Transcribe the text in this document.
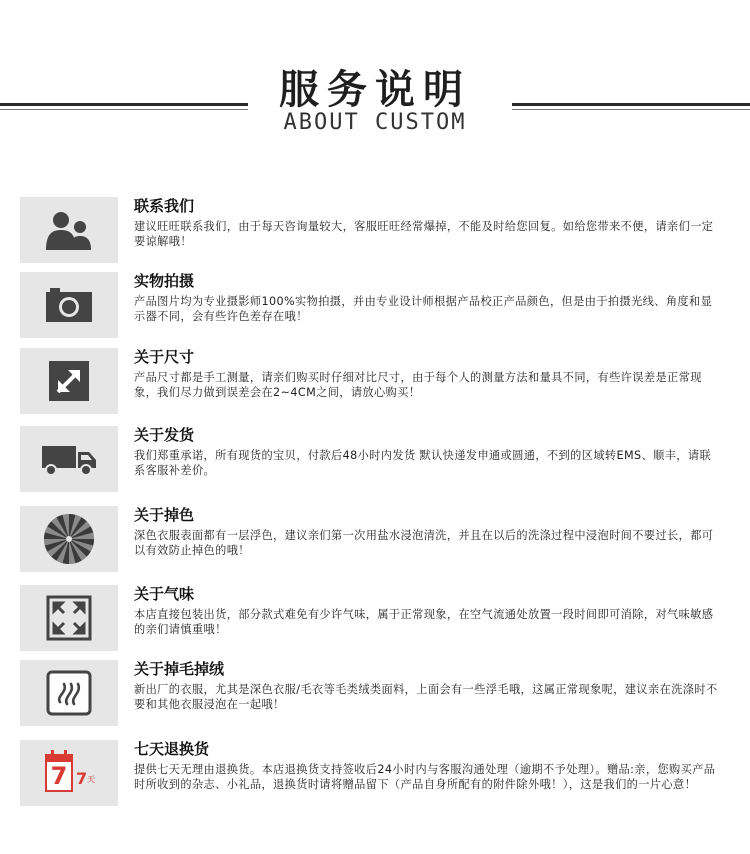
服务说明
ABOUT CUSTOM
联系我们
建议旺旺联系我们，由于每天咨询量较大，客服旺旺经常爆掉，不能及时给您回复。如给您带来不便，请亲们一定要谅解哦！
实物拍摄
产品图片均为专业摄影师100%实物拍摄，并由专业设计师根据产品校正产品颜色，但是由于拍摄光线、角度和显示器不同，会有些许色差存在哦！
关于尺寸
产品尺寸都是手工测量，请亲们购买时仔细对比尺寸，由于每个人的测量方法和量具不同，有些许误差是正常现象，我们尽力做到误差会在2~4CM之间，请放心购买！
关于发货
我们郑重承诺，所有现货的宝贝，付款后48小时内发货 默认快递发申通或圆通，不到的区域转EMS、顺丰，请联系客服补差价。
关于掉色
深色衣服表面都有一层浮色，建议亲们第一次用盐水浸泡清洗，并且在以后的洗涤过程中浸泡时间不要过长，都可以有效防止掉色的哦！
关于气味
本店直接包装出货，部分款式难免有少许气味，属于正常现象，在空气流通处放置一段时间即可消除，对气味敏感的亲们请慎重哦！
关于掉毛掉绒
新出厂的衣服，尤其是深色衣服/毛衣等毛类绒类面料，上面会有一些浮毛哦，这属正常现象呢，建议亲在洗涤时不要和其他衣服浸泡在一起哦！
7 7 天
七天退换货
提供七天无理由退换货。本店退换货支持签收后24小时内与客服沟通处理（逾期不予处理）。赠品:亲，您购买产品时所收到的杂志、小礼品，退换货时请将赠品留下（产品自身所配有的附件除外哦！），这是我们的一片心意！
